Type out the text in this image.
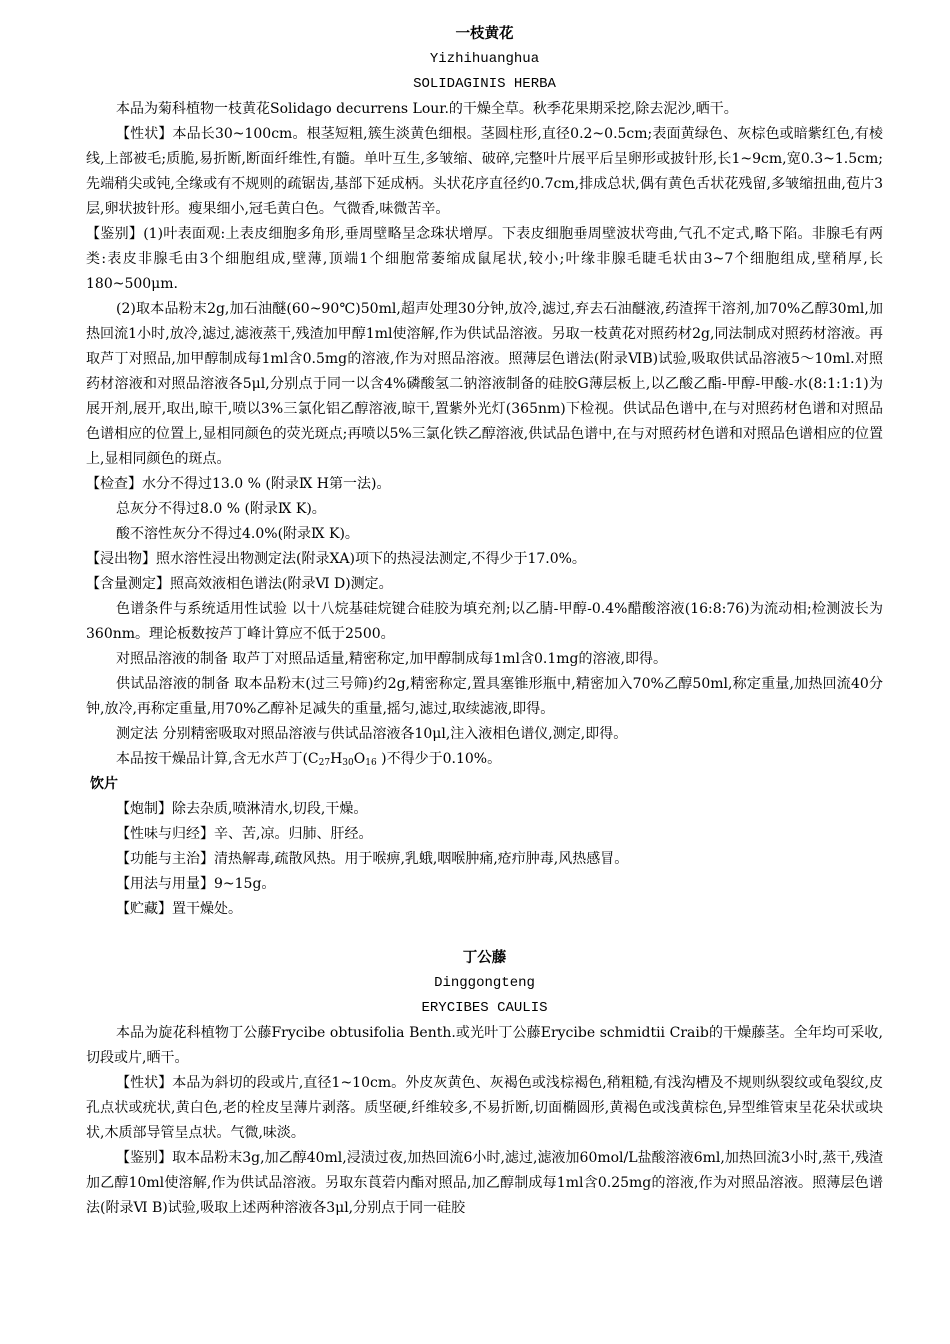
一枝黄花
Yizhihuanghua
SOLIDAGINIS HERBA
本品为菊科植物一枝黄花Solidago decurrens Lour.的干燥全草。秋季花果期采挖,除去泥沙,晒干。
【性状】本品长30~100cm。根茎短粗,簇生淡黄色细根。茎圆柱形,直径0.2~0.5cm;表面黄绿色、灰棕色或暗紫红色,有棱线,上部被毛;质脆,易折断,断面纤维性,有髓。单叶互生,多皱缩、破碎,完整叶片展平后呈卵形或披针形,长1~9cm,宽0.3~1.5cm;先端稍尖或钝,全缘或有不规则的疏锯齿,基部下延成柄。头状花序直径约0.7cm,排成总状,偶有黄色舌状花残留,多皱缩扭曲,苞片3层,卵状披针形。瘦果细小,冠毛黄白色。气微香,味微苦辛。
【鉴别】(1)叶表面观:上表皮细胞多角形,垂周壁略呈念珠状增厚。下表皮细胞垂周壁波状弯曲,气孔不定式,略下陷。非腺毛有两类:表皮非腺毛由3个细胞组成,壁薄,顶端1个细胞常萎缩成鼠尾状,较小;叶缘非腺毛睫毛状由3~7个细胞组成,壁稍厚,长 180~500μm.
(2)取本品粉末2g,加石油醚(60~90℃)50ml,超声处理30分钟,放冷,滤过,弃去石油醚液,药渣挥干溶剂,加70%乙醇30ml,加热回流1小时,放冷,滤过,滤液蒸干,残渣加甲醇1ml使溶解,作为供试品溶液。另取一枝黄花对照药材2g,同法制成对照药材溶液。再取芦丁对照品,加甲醇制成每1ml含0.5mg的溶液,作为对照品溶液。照薄层色谱法(附录ⅥB)试验,吸取供试品溶液5～10ml.对照药材溶液和对照品溶液各5μl,分别点于同一以含4%磷酸氢二钠溶液制备的硅胶G薄层板上,以乙酸乙酯-甲醇-甲酸-水(8:1:1:1)为展开剂,展开,取出,晾干,喷以3%三氯化铝乙醇溶液,晾干,置紫外光灯(365nm)下检视。供试品色谱中,在与对照药材色谱和对照品色谱相应的位置上,显相同颜色的荧光斑点;再喷以5%三氯化铁乙醇溶液,供试品色谱中,在与对照药材色谱和对照品色谱相应的位置上,显相同颜色的斑点。
【检查】水分不得过13.0 % (附录Ⅸ H第一法)。
总灰分不得过8.0 % (附录Ⅸ K)。
酸不溶性灰分不得过4.0%(附录Ⅸ K)。
【浸出物】照水溶性浸出物测定法(附录ⅩA)项下的热浸法测定,不得少于17.0%。
【含量测定】照高效液相色谱法(附录Ⅵ D)测定。
色谱条件与系统适用性试验 以十八烷基硅烷键合硅胶为填充剂;以乙腈-甲醇-0.4%醋酸溶液(16:8:76)为流动相;检测波长为360nm。理论板数按芦丁峰计算应不低于2500。
对照品溶液的制备 取芦丁对照品适量,精密称定,加甲醇制成每1ml含0.1mg的溶液,即得。
供试品溶液的制备 取本品粉末(过三号筛)约2g,精密称定,置具塞锥形瓶中,精密加入70%乙醇50ml,称定重量,加热回流40分钟,放冷,再称定重量,用70%乙醇补足减失的重量,摇匀,滤过,取续滤液,即得。
测定法 分别精密吸取对照品溶液与供试品溶液各10μl,注入液相色谱仪,测定,即得。
本品按干燥品计算,含无水芦丁($C_{27}H_{30}O_{16}$ )不得少于0.10%。
饮片
【炮制】除去杂质,喷淋清水,切段,干燥。
【性味与归经】辛、苦,凉。归肺、肝经。
【功能与主治】清热解毒,疏散风热。用于喉痹,乳蛾,咽喉肿痛,疮疖肿毒,风热感冒。
【用法与用量】9~15g。
【贮藏】置干燥处。
丁公藤
Dinggongteng
ERYCIBES CAULIS
本品为旋花科植物丁公藤Frycibe obtusifolia Benth.或光叶丁公藤Erycibe schmidtii Craib的干燥藤茎。全年均可采收,切段或片,晒干。
【性状】本品为斜切的段或片,直径1~10cm。外皮灰黄色、灰褐色或浅棕褐色,稍粗糙,有浅沟槽及不规则纵裂纹或龟裂纹,皮孔点状或疣状,黄白色,老的栓皮呈薄片剥落。质坚硬,纤维较多,不易折断,切面椭圆形,黄褐色或浅黄棕色,异型维管束呈花朵状或块状,木质部导管呈点状。气微,味淡。
【鉴别】取本品粉末3g,加乙醇40ml,浸渍过夜,加热回流6小时,滤过,滤液加60mol/L盐酸溶液6ml,加热回流3小时,蒸干,残渣加乙醇10ml使溶解,作为供试品溶液。另取东莨菪内酯对照品,加乙醇制成每1ml含0.25mg的溶液,作为对照品溶液。照薄层色谱法(附录Ⅵ B)试验,吸取上述两种溶液各3μl,分别点于同一硅胶
